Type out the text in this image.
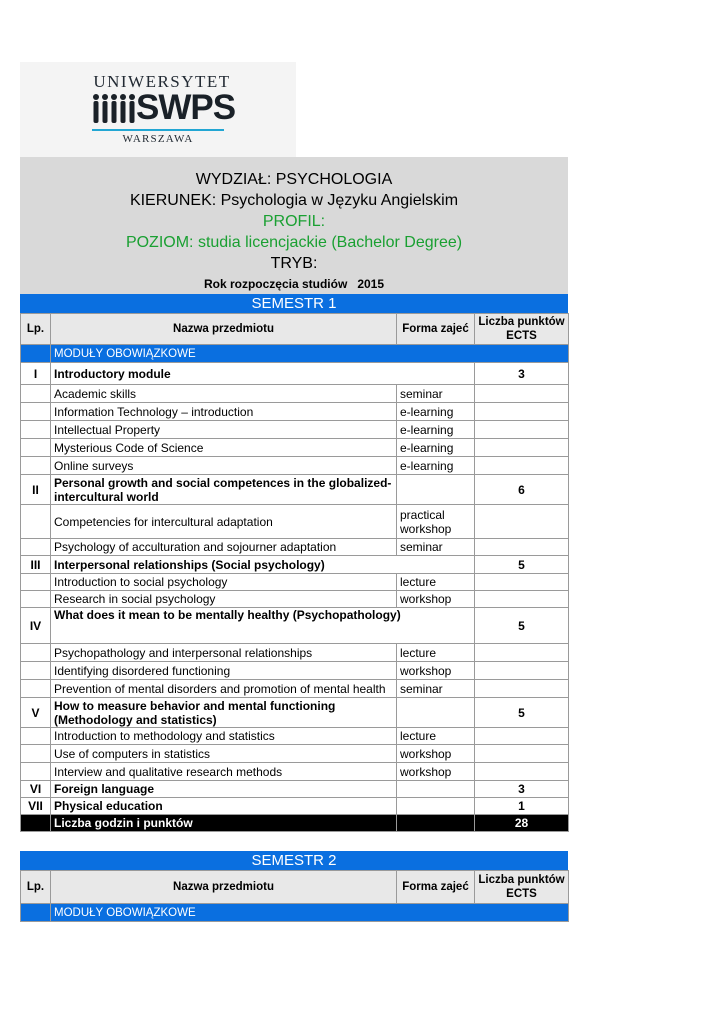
UNIWERSYTET
SWPS
WARSZAWA
WYDZIAŁ: PSYCHOLOGIA
KIERUNEK: Psychologia w Języku Angielskim
PROFIL:
POZIOM: studia licencjackie (Bachelor Degree)
TRYB:
Rok rozpoczęcia studiów 2015
SEMESTR 1
Lp.	Nazwa przedmiotu	Forma zajeć	Liczba punktów ECTS
	MODUŁY OBOWIĄZKOWE		
I	Introductory module		3
	Academic skills	seminar	
	Information Technology – introduction	e-learning	
	Intellectual Property	e-learning	
	Mysterious Code of Science	e-learning	
	Online surveys	e-learning	
II	Personal growth and social competences in the globalized-intercultural world		6
	Competencies for intercultural adaptation	practical workshop	
	Psychology of acculturation and sojourner adaptation	seminar	
III	Interpersonal relationships (Social psychology)		5
	Introduction to social psychology	lecture	
	Research in social psychology	workshop	
IV	What does it mean to be mentally healthy (Psychopathology)		5
	Psychopathology and interpersonal relationships	lecture	
	Identifying disordered functioning	workshop	
	Prevention of mental disorders and promotion of mental health	seminar	
V	How to measure behavior and mental functioning (Methodology and statistics)		5
	Introduction to methodology and statistics	lecture	
	Use of computers in statistics	workshop	
	Interview and qualitative research methods	workshop	
VI	Foreign language		3
VII	Physical education		1
	Liczba godzin i punktów		28
SEMESTR 2
Lp.	Nazwa przedmiotu	Forma zajeć	Liczba punktów ECTS
	MODUŁY OBOWIĄZKOWE		
